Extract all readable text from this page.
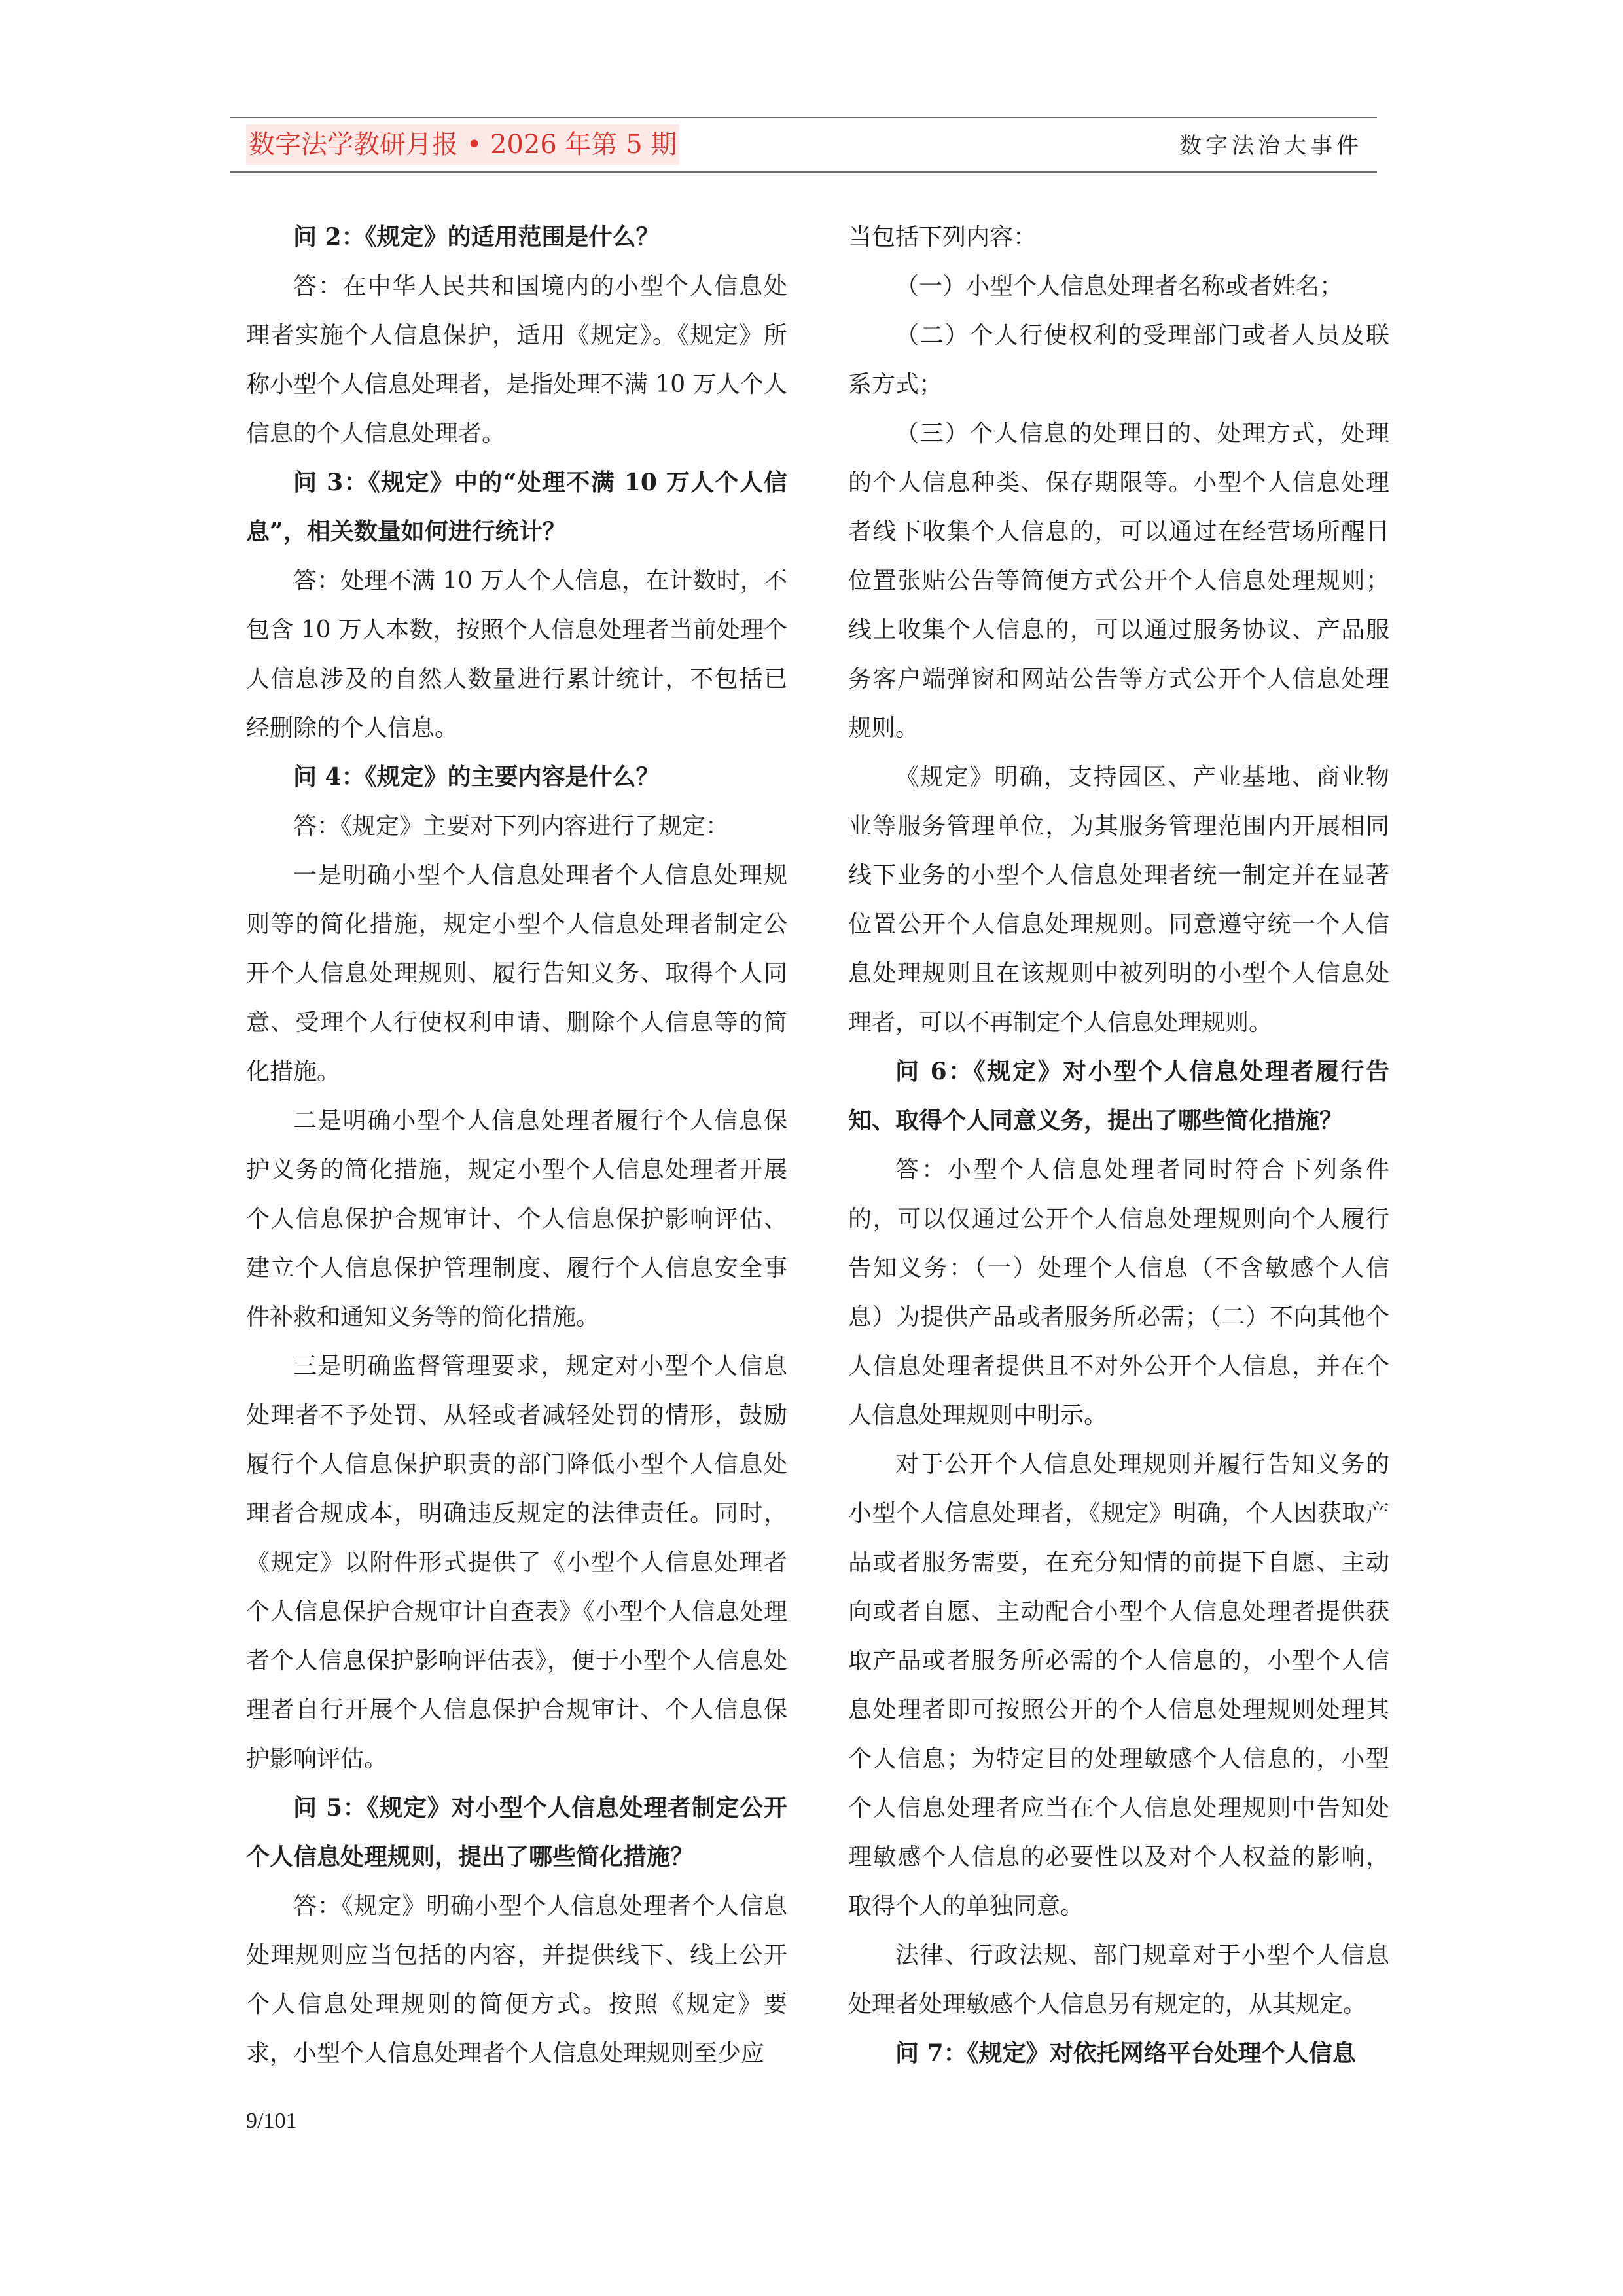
数字法学教研月报 • 2026 年第 5 期	数字法治大事件

问 2：《规定》的适用范围是什么？

答：在中华人民共和国境内的小型个人信息处理者实施个人信息保护，适用《规定》。《规定》所称小型个人信息处理者，是指处理不满 10 万人个人信息的个人信息处理者。

问 3：《规定》中的“处理不满 10 万人个人信息”，相关数量如何进行统计？

答：处理不满 10 万人个人信息，在计数时，不包含 10 万人本数，按照个人信息处理者当前处理个人信息涉及的自然人数量进行累计统计，不包括已经删除的个人信息。

问 4：《规定》的主要内容是什么？

答：《规定》主要对下列内容进行了规定：

一是明确小型个人信息处理者个人信息处理规则等的简化措施，规定小型个人信息处理者制定公开个人信息处理规则、履行告知义务、取得个人同意、受理个人行使权利申请、删除个人信息等的简化措施。

二是明确小型个人信息处理者履行个人信息保护义务的简化措施，规定小型个人信息处理者开展个人信息保护合规审计、个人信息保护影响评估、建立个人信息保护管理制度、履行个人信息安全事件补救和通知义务等的简化措施。

三是明确监督管理要求，规定对小型个人信息处理者不予处罚、从轻或者减轻处罚的情形，鼓励履行个人信息保护职责的部门降低小型个人信息处理者合规成本，明确违反规定的法律责任。同时，《规定》以附件形式提供了《小型个人信息处理者个人信息保护合规审计自查表》《小型个人信息处理者个人信息保护影响评估表》，便于小型个人信息处理者自行开展个人信息保护合规审计、个人信息保护影响评估。

问 5：《规定》对小型个人信息处理者制定公开个人信息处理规则，提出了哪些简化措施？

答：《规定》明确小型个人信息处理者个人信息处理规则应当包括的内容，并提供线下、线上公开个人信息处理规则的简便方式。按照《规定》要求，小型个人信息处理者个人信息处理规则至少应

当包括下列内容：

（一）小型个人信息处理者名称或者姓名；

（二）个人行使权利的受理部门或者人员及联系方式；

（三）个人信息的处理目的、处理方式，处理的个人信息种类、保存期限等。小型个人信息处理者线下收集个人信息的，可以通过在经营场所醒目位置张贴公告等简便方式公开个人信息处理规则；线上收集个人信息的，可以通过服务协议、产品服务客户端弹窗和网站公告等方式公开个人信息处理规则。

《规定》明确，支持园区、产业基地、商业物业等服务管理单位，为其服务管理范围内开展相同线下业务的小型个人信息处理者统一制定并在显著位置公开个人信息处理规则。同意遵守统一个人信息处理规则且在该规则中被列明的小型个人信息处理者，可以不再制定个人信息处理规则。

问 6：《规定》对小型个人信息处理者履行告知、取得个人同意义务，提出了哪些简化措施？

答：小型个人信息处理者同时符合下列条件的，可以仅通过公开个人信息处理规则向个人履行告知义务：（一）处理个人信息（不含敏感个人信息）为提供产品或者服务所必需；（二）不向其他个人信息处理者提供且不对外公开个人信息，并在个人信息处理规则中明示。

对于公开个人信息处理规则并履行告知义务的小型个人信息处理者，《规定》明确，个人因获取产品或者服务需要，在充分知情的前提下自愿、主动向或者自愿、主动配合小型个人信息处理者提供获取产品或者服务所必需的个人信息的，小型个人信息处理者即可按照公开的个人信息处理规则处理其个人信息；为特定目的处理敏感个人信息的，小型个人信息处理者应当在个人信息处理规则中告知处理敏感个人信息的必要性以及对个人权益的影响，取得个人的单独同意。

法律、行政法规、部门规章对于小型个人信息处理者处理敏感个人信息另有规定的，从其规定。

问 7：《规定》对依托网络平台处理个人信息

9/101
